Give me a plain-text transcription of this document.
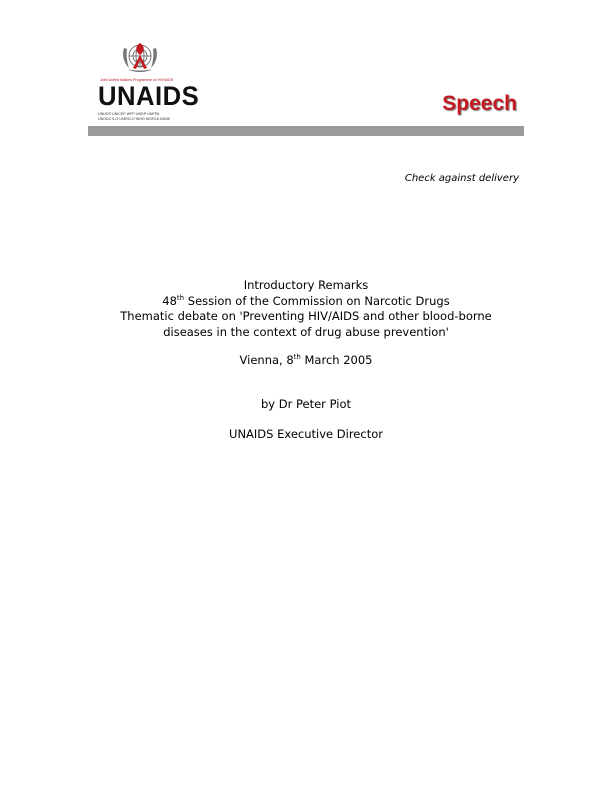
Joint United Nations Programme on HIV/AIDS
UNAIDS
UNHCR·UNICEF·WFP·UNDP·UNFPA
UNODC·ILO·UNESCO·WHO·WORLD BANK
Speech
Check against delivery

Introductory Remarks

48th Session of the Commission on Narcotic Drugs

Thematic debate on 'Preventing HIV/AIDS and other blood-borne

diseases in the context of drug abuse prevention'

Vienna, 8th March 2005

by Dr Peter Piot

UNAIDS Executive Director
